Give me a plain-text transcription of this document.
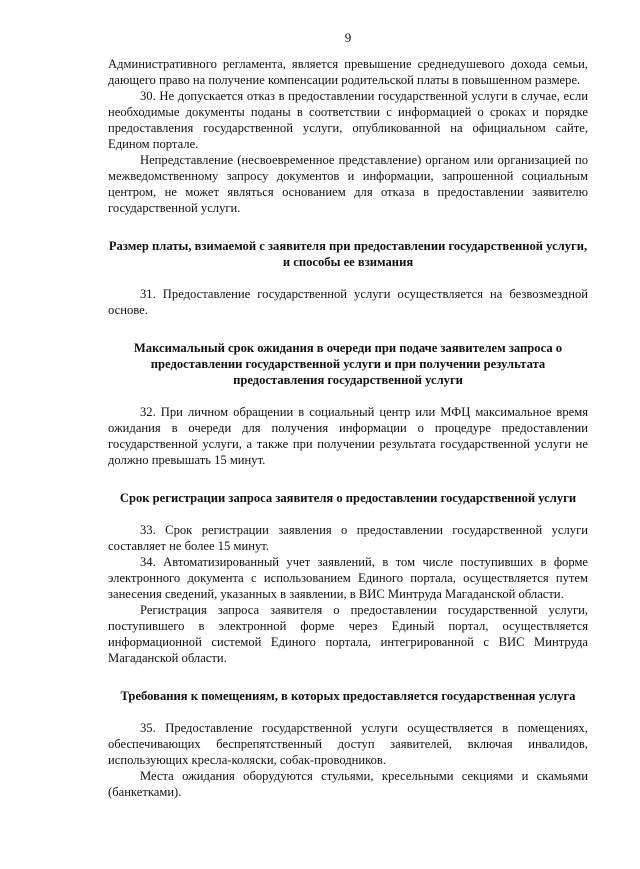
9

Административного регламента, является превышение среднедушевого дохода семьи, дающего право на получение компенсации родительской платы в повышенном размере.

30. Не допускается отказ в предоставлении государственной услуги в случае, если необходимые документы поданы в соответствии с информацией о сроках и порядке предоставления государственной услуги, опубликованной на официальном сайте, Едином портале.

Непредставление (несвоевременное представление) органом или организацией по межведомственному запросу документов и информации, запрошенной социальным центром, не может являться основанием для отказа в предоставлении заявителю государственной услуги.

Размер платы, взимаемой с заявителя при предоставлении государственной услуги, и способы ее взимания

31. Предоставление государственной услуги осуществляется на безвозмездной основе.

Максимальный срок ожидания в очереди при подаче заявителем запроса о предоставлении государственной услуги и при получении результата предоставления государственной услуги

32. При личном обращении в социальный центр или МФЦ максимальное время ожидания в очереди для получения информации о процедуре предоставлении государственной услуги, а также при получении результата государственной услуги не должно превышать 15 минут.

Срок регистрации запроса заявителя о предоставлении государственной услуги

33. Срок регистрации заявления о предоставлении государственной услуги составляет не более 15 минут.

34. Автоматизированный учет заявлений, в том числе поступивших в форме электронного документа с использованием Единого портала, осуществляется путем занесения сведений, указанных в заявлении, в ВИС Минтруда Магаданской области.

Регистрация запроса заявителя о предоставлении государственной услуги, поступившего в электронной форме через Единый портал, осуществляется информационной системой Единого портала, интегрированной с ВИС Минтруда Магаданской области.

Требования к помещениям, в которых предоставляется государственная услуга

35. Предоставление государственной услуги осуществляется в помещениях, обеспечивающих беспрепятственный доступ заявителей, включая инвалидов, использующих кресла-коляски, собак-проводников.

Места ожидания оборудуются стульями, кресельными секциями и скамьями (банкетками).
